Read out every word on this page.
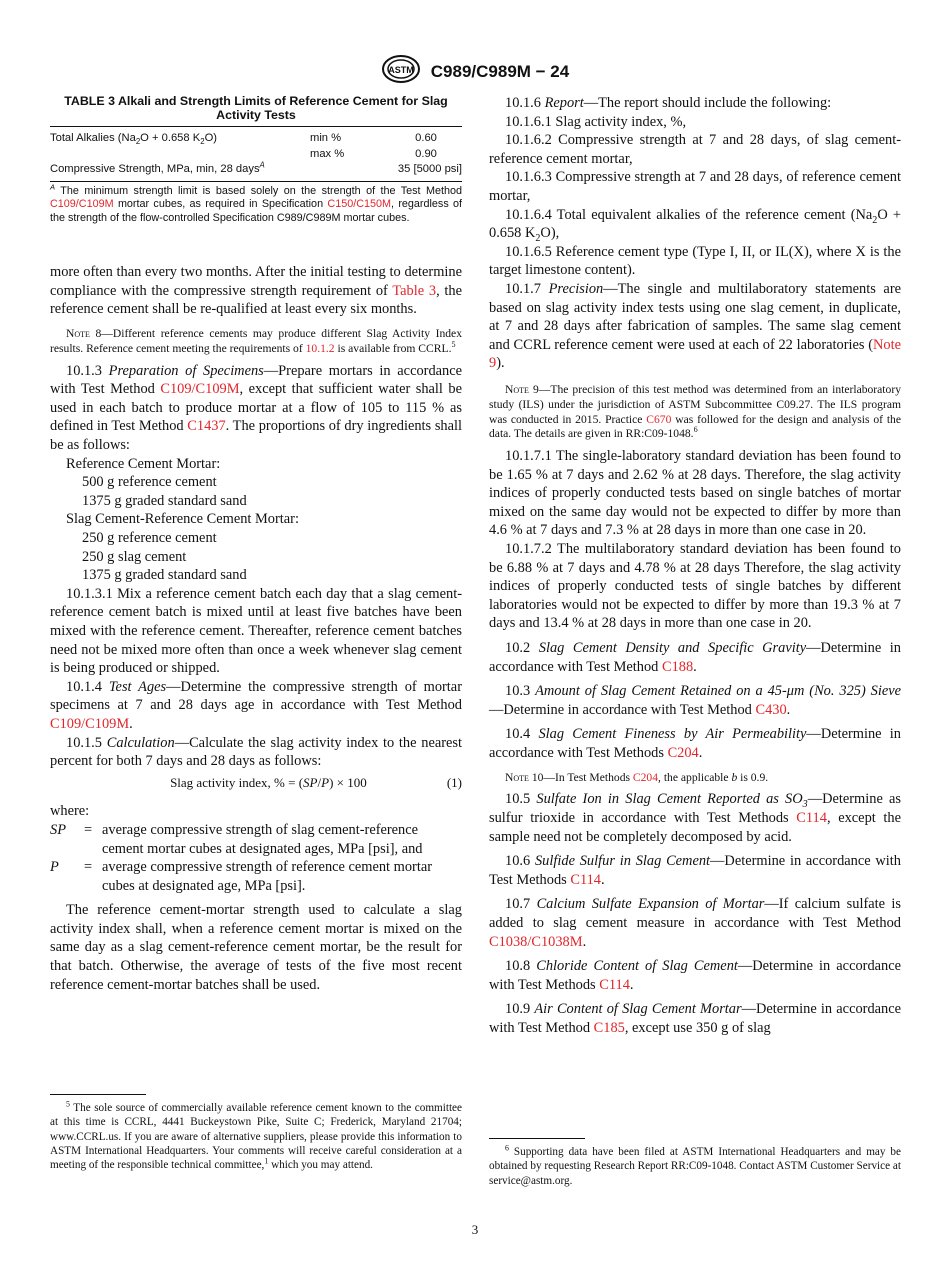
ASTM C989/C989M − 24
TABLE 3 Alkali and Strength Limits of Reference Cement for Slag Activity Tests
Total Alkalies ($Na_2O + 0.658$ $K_2O$)	min %	0.60
	max %	0.90
Compressive Strength, MPa, min, 28 days$^A$		35 [5000 psi]
$^A$ The minimum strength limit is based solely on the strength of the Test Method C109/C109M mortar cubes, as required in Specification C150/C150M, regardless of the strength of the flow-controlled Specification C989/C989M mortar cubes.

more often than every two months. After the initial testing to determine compliance with the compressive strength requirement of Table 3, the reference cement shall be re-qualified at least every six months.

Note 8—Different reference cements may produce different Slag Activity Index results. Reference cement meeting the requirements of 10.1.2 is available from CCRL.$^5$

10.1.3 Preparation of Specimens—Prepare mortars in accordance with Test Method C109/C109M, except that sufficient water shall be used in each batch to produce mortar at a flow of 105 to 115 % as defined in Test Method C1437. The proportions of dry ingredients shall be as follows:

Reference Cement Mortar:
500 g reference cement
1375 g graded standard sand
Slag Cement-Reference Cement Mortar:
250 g reference cement
250 g slag cement
1375 g graded standard sand

10.1.3.1 Mix a reference cement batch each day that a slag cement-reference cement batch is mixed until at least five batches have been mixed with the reference cement. Thereafter, reference cement batches need not be mixed more often than once a week whenever slag cement is being produced or shipped.

10.1.4 Test Ages—Determine the compressive strength of mortar specimens at 7 and 28 days age in accordance with Test Method C109/C109M.

10.1.5 Calculation—Calculate the slag activity index to the nearest percent for both 7 days and 28 days as follows:

Slag activity index, % = (SP/P) × 100	(1)
where:
SP	= average compressive strength of slag cement-reference cement mortar cubes at designated ages, MPa [psi], and
P	= average compressive strength of reference cement mortar cubes at designated age, MPa [psi].

The reference cement-mortar strength used to calculate a slag activity index shall, when a reference cement mortar is mixed on the same day as a slag cement-reference cement mortar, be the result for that batch. Otherwise, the average of tests of the five most recent reference cement-mortar batches shall be used.

$^5$ The sole source of commercially available reference cement known to the committee at this time is CCRL, 4441 Buckeystown Pike, Suite C; Frederick, Maryland 21704; www.CCRL.us. If you are aware of alternative suppliers, please provide this information to ASTM International Headquarters. Your comments will receive careful consideration at a meeting of the responsible technical committee,$^1$ which you may attend.

10.1.6 Report—The report should include the following:

10.1.6.1 Slag activity index, %,

10.1.6.2 Compressive strength at 7 and 28 days, of slag cement-reference cement mortar,

10.1.6.3 Compressive strength at 7 and 28 days, of reference cement mortar,

10.1.6.4 Total equivalent alkalies of the reference cement ($Na_2O + 0.658$ $K_2O$),

10.1.6.5 Reference cement type (Type I, II, or IL(X), where X is the target limestone content).

10.1.7 Precision—The single and multilaboratory statements are based on slag activity index tests using one slag cement, in duplicate, at 7 and 28 days after fabrication of samples. The same slag cement and CCRL reference cement were used at each of 22 laboratories (Note 9).

Note 9—The precision of this test method was determined from an interlaboratory study (ILS) under the jurisdiction of ASTM Subcommittee C09.27. The ILS program was conducted in 2015. Practice C670 was followed for the design and analysis of the data. The details are given in RR:C09-1048.$^6$

10.1.7.1 The single-laboratory standard deviation has been found to be 1.65 % at 7 days and 2.62 % at 28 days. Therefore, the slag activity indices of properly conducted tests based on single batches of mortar mixed on the same day would not be expected to differ by more than 4.6 % at 7 days and 7.3 % at 28 days in more than one case in 20.

10.1.7.2 The multilaboratory standard deviation has been found to be 6.88 % at 7 days and 4.78 % at 28 days Therefore, the slag activity indices of properly conducted tests of single batches by different laboratories would not be expected to differ by more than 19.3 % at 7 days and 13.4 % at 28 days in more than one case in 20.

10.2 Slag Cement Density and Specific Gravity—Determine in accordance with Test Method C188.

10.3 Amount of Slag Cement Retained on a 45-μm (No. 325) Sieve—Determine in accordance with Test Method C430.

10.4 Slag Cement Fineness by Air Permeability—Determine in accordance with Test Methods C204.

Note 10—In Test Methods C204, the applicable b is 0.9.

10.5 Sulfate Ion in Slag Cement Reported as $SO_3—Determine$ as sulfur trioxide in accordance with Test Methods C114, except the sample need not be completely decomposed by acid.

10.6 Sulfide Sulfur in Slag Cement—Determine in accordance with Test Methods C114.

10.7 Calcium Sulfate Expansion of Mortar—If calcium sulfate is added to slag cement measure in accordance with Test Method C1038/C1038M.

10.8 Chloride Content of Slag Cement—Determine in accordance with Test Methods C114.

10.9 Air Content of Slag Cement Mortar—Determine in accordance with Test Method C185, except use 350 g of slag

$^6$ Supporting data have been filed at ASTM International Headquarters and may be obtained by requesting Research Report RR:C09-1048. Contact ASTM Customer Service at service@astm.org.

3
